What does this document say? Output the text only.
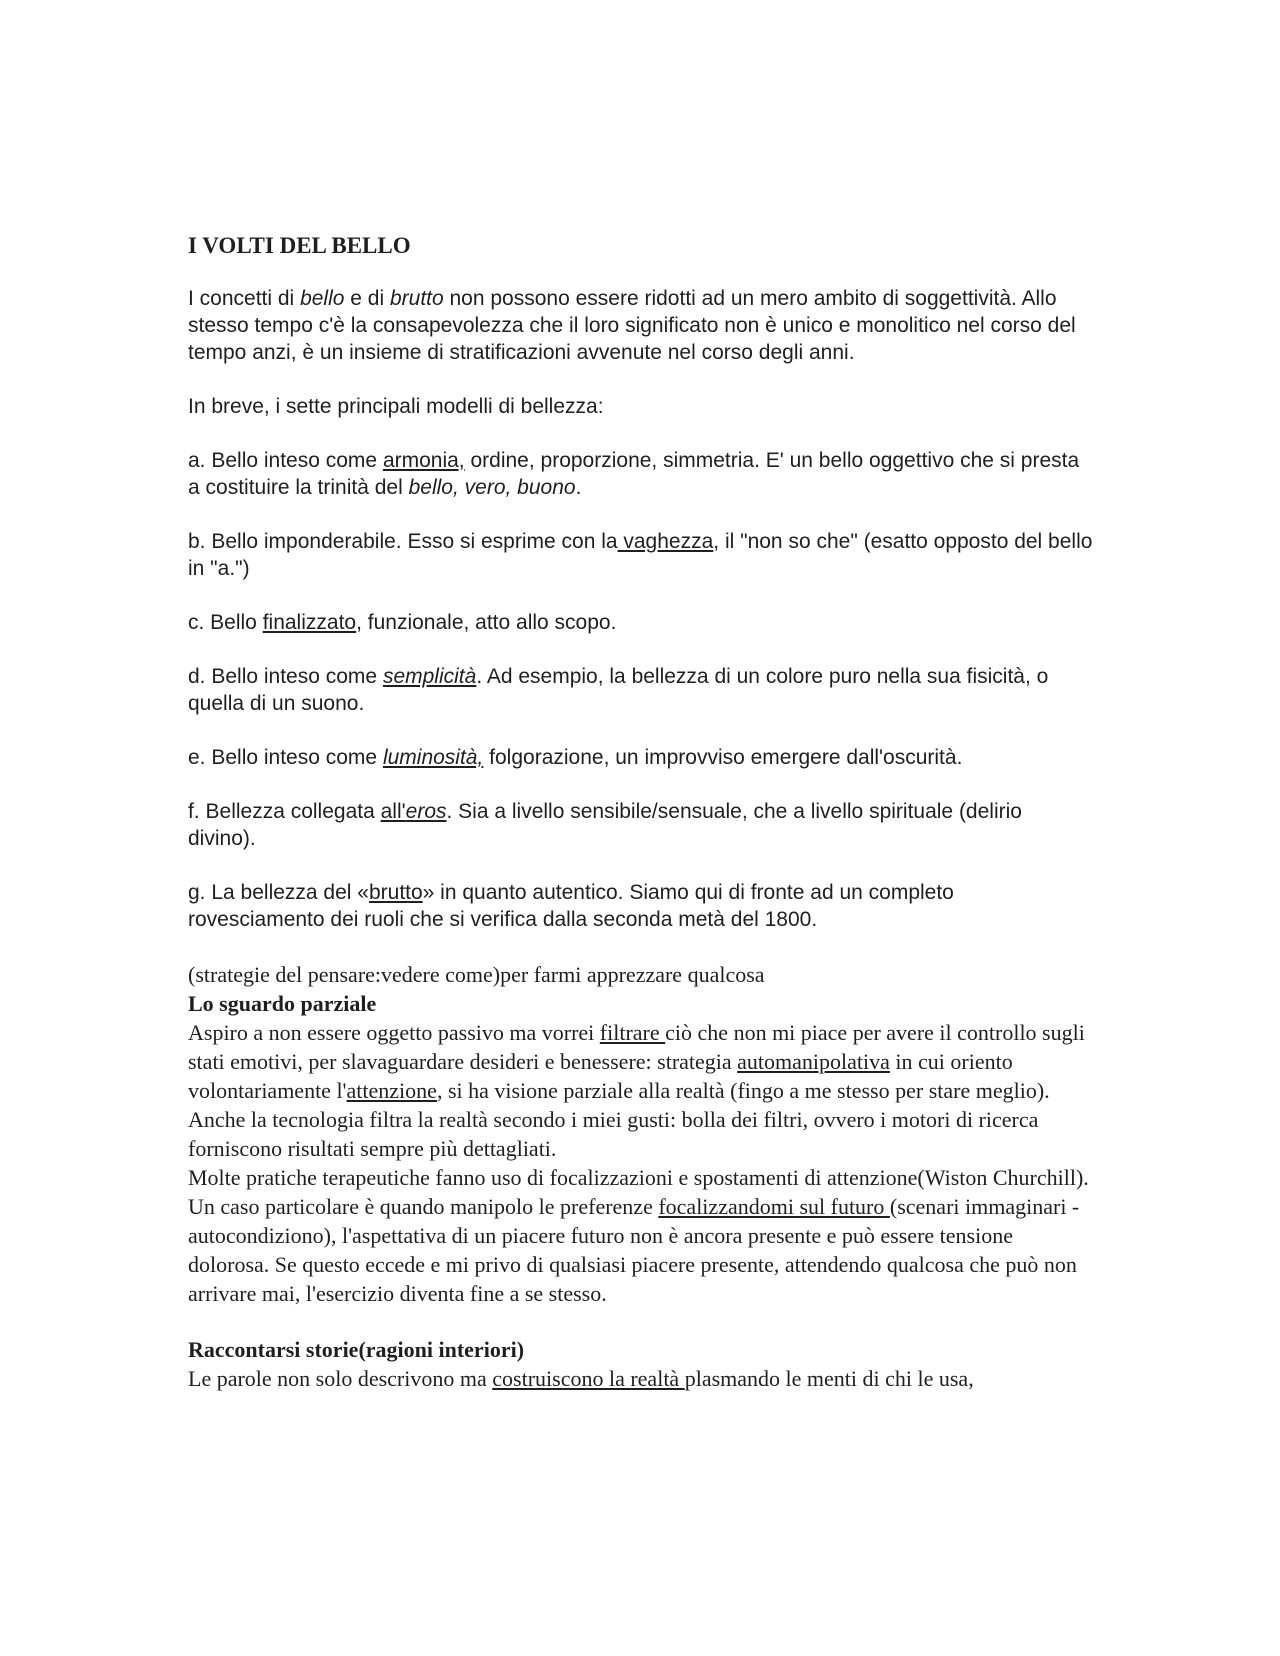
I VOLTI DEL BELLO

I concetti di bello e di brutto non possono essere ridotti ad un mero ambito di soggettività. Allo stesso tempo c'è la consapevolezza che il loro significato non è unico e monolitico nel corso del tempo anzi, è un insieme di stratificazioni avvenute nel corso degli anni.

In breve, i sette principali modelli di bellezza:

a. Bello inteso come armonia, ordine, proporzione, simmetria. E' un bello oggettivo che si presta a costituire la trinità del bello, vero, buono.

b. Bello imponderabile. Esso si esprime con la vaghezza, il "non so che" (esatto opposto del bello in "a.")

c. Bello finalizzato, funzionale, atto allo scopo.

d. Bello inteso come semplicità. Ad esempio, la bellezza di un colore puro nella sua fisicità, o quella di un suono.

e. Bello inteso come luminosità, folgorazione, un improvviso emergere dall'oscurità.

f. Bellezza collegata all'eros. Sia a livello sensibile/sensuale, che a livello spirituale (delirio divino).

g. La bellezza del «brutto» in quanto autentico. Siamo qui di fronte ad un completo rovesciamento dei ruoli che si verifica dalla seconda metà del 1800.

(strategie del pensare:vedere come)per farmi apprezzare qualcosa

Lo sguardo parziale

Aspiro a non essere oggetto passivo ma vorrei filtrare ciò che non mi piace per avere il controllo sugli stati emotivi, per slavaguardare desideri e benessere: strategia automanipolativa in cui oriento volontariamente l'attenzione, si ha visione parziale alla realtà (fingo a me stesso per stare meglio). Anche la tecnologia filtra la realtà secondo i miei gusti: bolla dei filtri, ovvero i motori di ricerca forniscono risultati sempre più dettagliati.

Molte pratiche terapeutiche fanno uso di focalizzazioni e spostamenti di attenzione(Wiston Churchill). Un caso particolare è quando manipolo le preferenze focalizzandomi sul futuro (scenari immaginari - autocondiziono), l'aspettativa di un piacere futuro non è ancora presente e può essere tensione dolorosa. Se questo eccede e mi privo di qualsiasi piacere presente, attendendo qualcosa che può non arrivare mai, l'esercizio diventa fine a se stesso.

Raccontarsi storie(ragioni interiori)

Le parole non solo descrivono ma costruiscono la realtà plasmando le menti di chi le usa,
